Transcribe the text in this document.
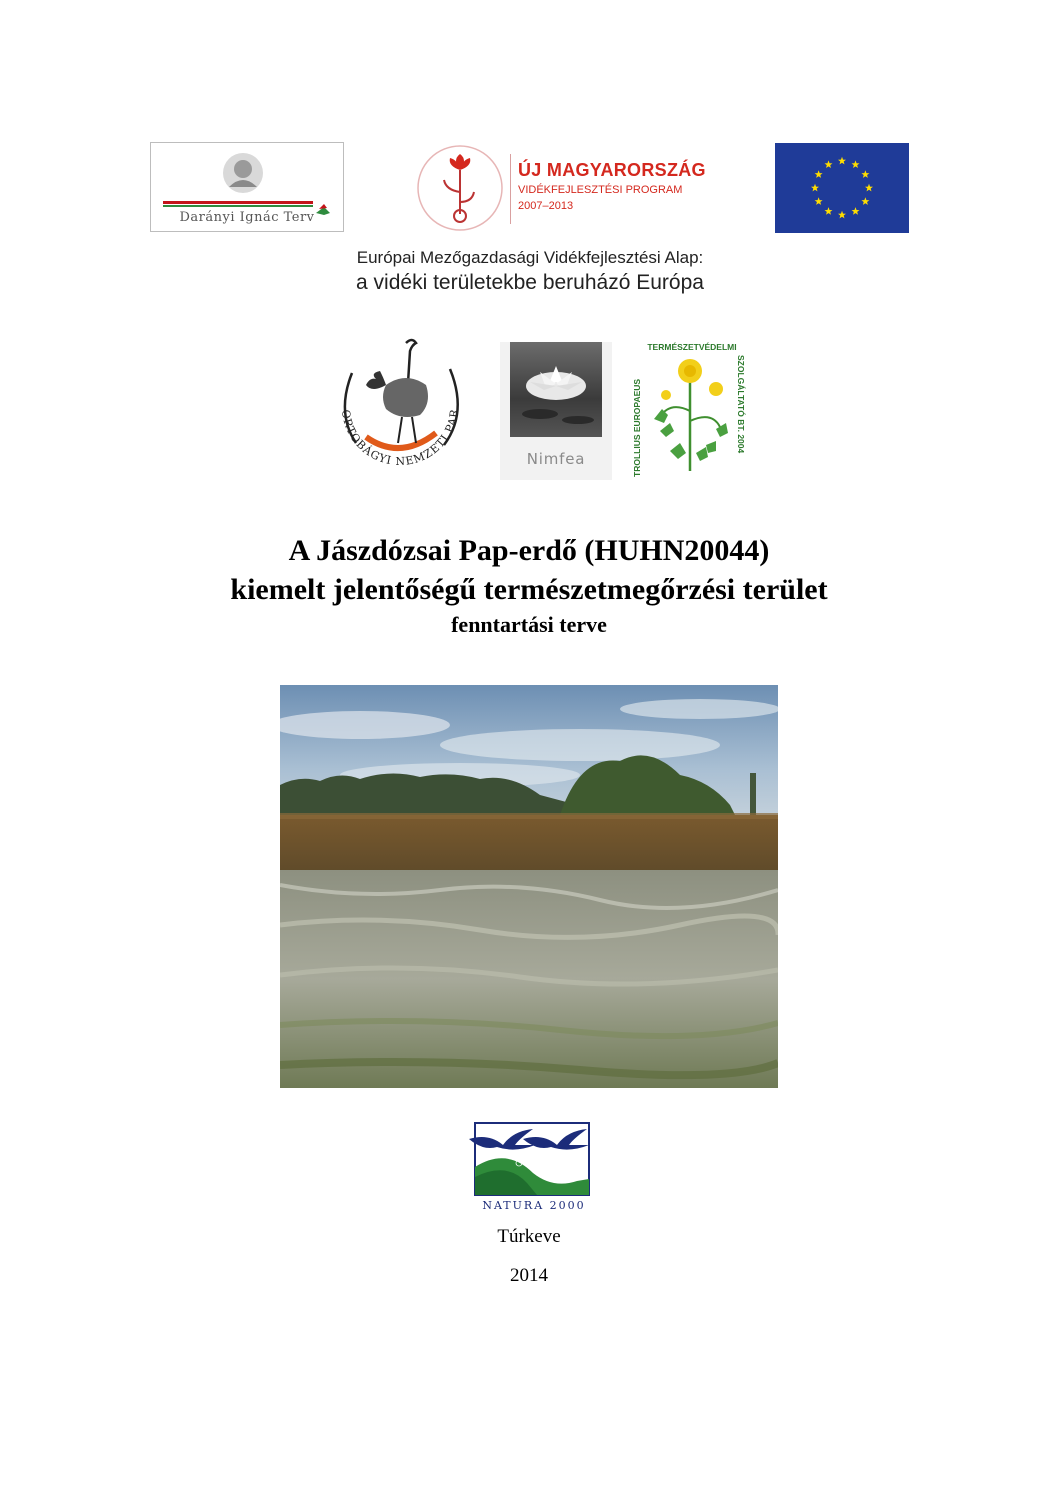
Darányi Ignác Terv
ÚJ MAGYARORSZÁG
VIDÉKFEJLESZTÉSI PROGRAM
2007–2013
Európai Mezőgazdasági Vidékfejlesztési Alap:
a vidéki területekbe beruházó Európa
ORTOBÁGYI NEMZETI PAR
Nimfea
TERMÉSZETVÉDELMI
TROLLIUS EUROPAEUS	SZOLGÁLTATÓ BT. 2004
A Jászdózsai Pap-erdő (HUHN20044)
kiemelt jelentőségű természetmegőrzési terület
fenntartási terve
NATURA 2000
Túrkeve
2014
